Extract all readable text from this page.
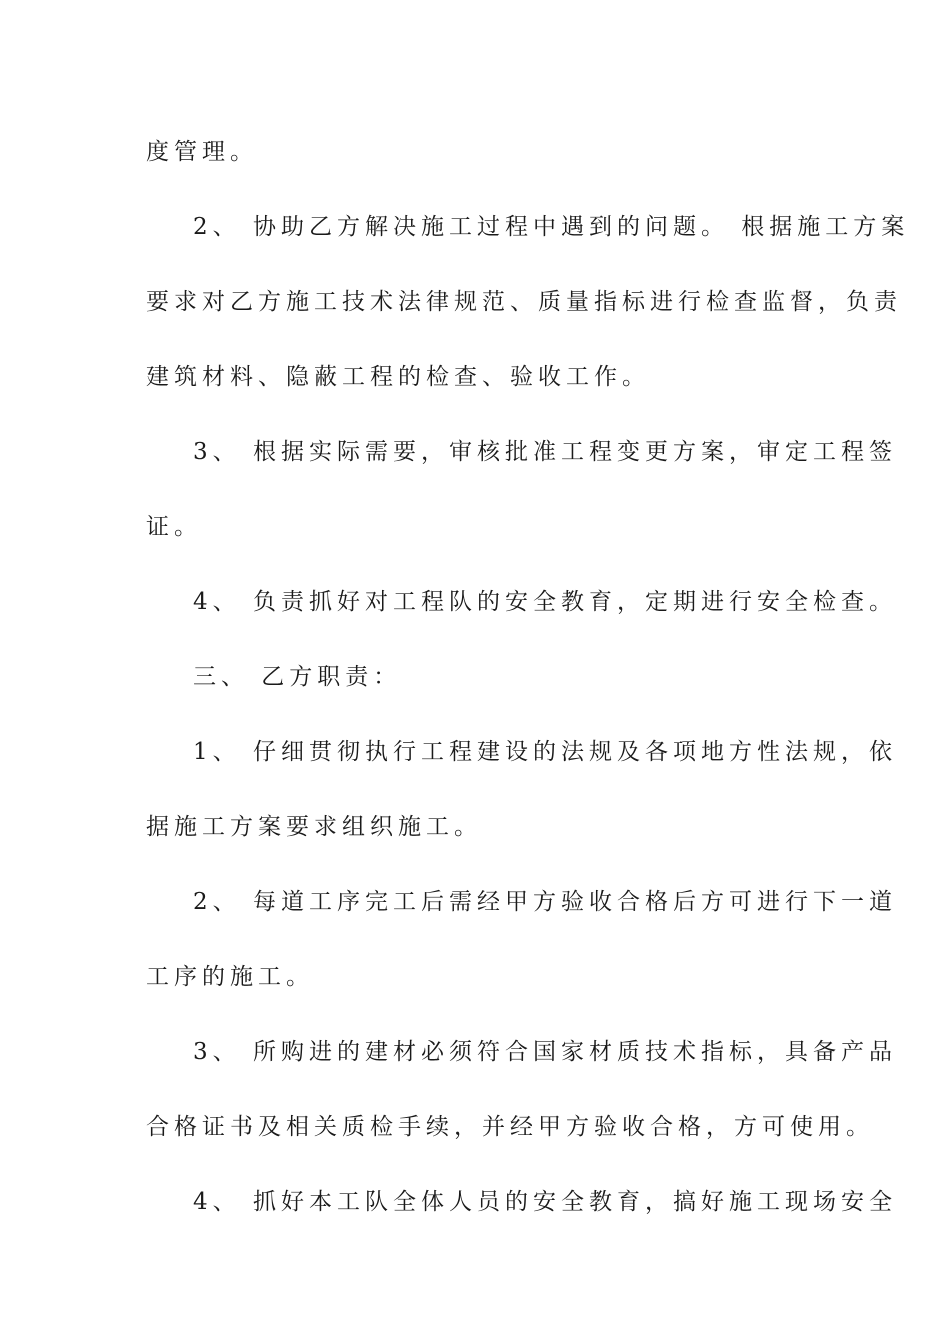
度管理。
2、 协助乙方解决施工过程中遇到的问题。 根据施工方案
要求对乙方施工技术法律规范、质量指标进行检查监督，负责
建筑材料、隐蔽工程的检查、验收工作。
3、 根据实际需要，审核批准工程变更方案，审定工程签
证。
4、 负责抓好对工程队的安全教育，定期进行安全检查。
三、 乙方职责：
1、 仔细贯彻执行工程建设的法规及各项地方性法规，依
据施工方案要求组织施工。
2、 每道工序完工后需经甲方验收合格后方可进行下一道
工序的施工。
3、 所购进的建材必须符合国家材质技术指标，具备产品
合格证书及相关质检手续，并经甲方验收合格，方可使用。
4、 抓好本工队全体人员的安全教育，搞好施工现场安全
